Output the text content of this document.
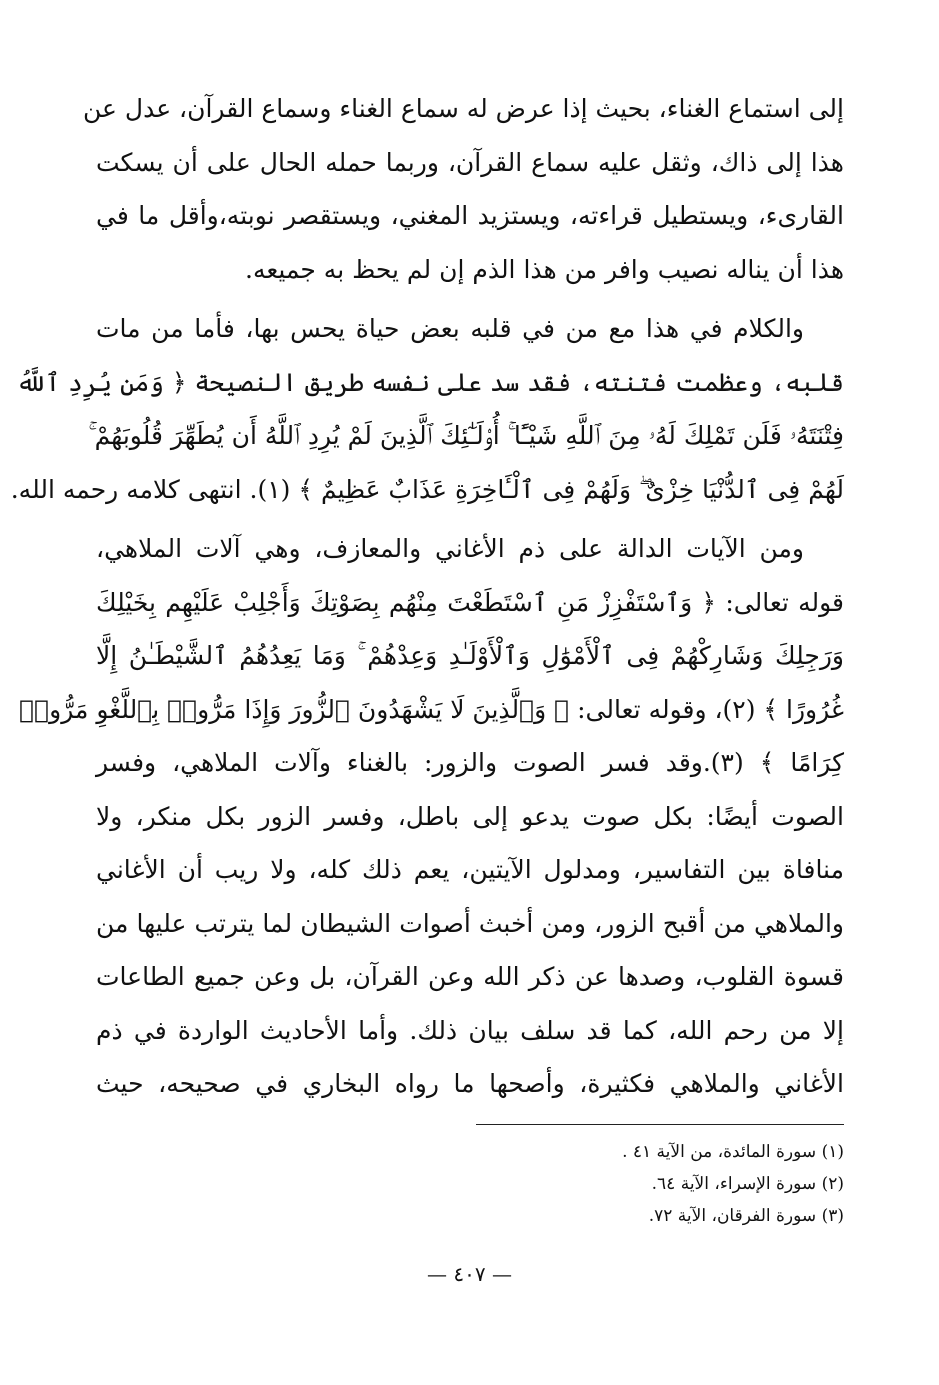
إلى استماع الغناء، بحيث إذا عرض له سماع الغناء وسماع القرآن، عدل عن
هذا إلى ذاك، وثقل عليه سماع القرآن، وربما حمله الحال على أن يسكت
القارىء، ويستطيل قراءته، ويستزيد المغني، ويستقصر نوبته،وأقل ما في
هذا أن يناله نصيب وافر من هذا الذم إن لم يحظ به جميعه.

والكلام في هذا مع من في قلبه بعض حياة يحس بها، فأما من مات
قلبه، وعظمت فتنته، فقد سد على نفسه طريق النصيحة ﴿ وَمَن يُرِدِ ٱللَّهُ
فِتْنَتَهُۥ فَلَن تَمْلِكَ لَهُۥ مِنَ ٱللَّهِ شَيْـًٔا ۚ أُو۟لَـٰٓئِكَ ٱلَّذِينَ لَمْ يُرِدِ ٱللَّهُ أَن يُطَهِّرَ قُلُوبَهُمْ ۚ
لَهُمْ فِى ٱلدُّنْيَا خِزْىٌ ۖ وَلَهُمْ فِى ٱلْـَٔاخِرَةِ عَذَابٌ عَظِيمٌ ﴾ (١). انتهى كلامه رحمه الله.

ومن الآيات الدالة على ذم الأغاني والمعازف، وهي آلات الملاهي،
قوله تعالى: ﴿ وَٱسْتَفْزِزْ مَنِ ٱسْتَطَعْتَ مِنْهُم بِصَوْتِكَ وَأَجْلِبْ عَلَيْهِم بِخَيْلِكَ
وَرَجِلِكَ وَشَارِكْهُمْ فِى ٱلْأَمْوَٰلِ وَٱلْأَوْلَـٰدِ وَعِدْهُمْ ۚ وَمَا يَعِدُهُمُ ٱلشَّيْطَـٰنُ إِلَّا
غُرُورًا ﴾ (٢)، وقوله تعالى: ﴿ وَٱلَّذِينَ لَا يَشْهَدُونَ ٱلزُّورَ وَإِذَا مَرُّوا۟ بِٱللَّغْوِ مَرُّوا۟
كِرَامًا ﴾ (٣).وقد فسر الصوت والزور: بالغناء وآلات الملاهي، وفسر
الصوت أيضًا: بكل صوت يدعو إلى باطل، وفسر الزور بكل منكر، ولا
منافاة بين التفاسير، ومدلول الآيتين، يعم ذلك كله، ولا ريب أن الأغاني
والملاهي من أقبح الزور، ومن أخبث أصوات الشيطان لما يترتب عليها من
قسوة القلوب، وصدها عن ذكر الله وعن القرآن، بل وعن جميع الطاعات
إلا من رحم الله، كما قد سلف بيان ذلك. وأما الأحاديث الواردة في ذم
الأغاني والملاهي فكثيرة، وأصحها ما رواه البخاري في صحيحه، حيث

(١) سورة المائدة، من الآية ٤١ .
(٢) سورة الإسراء، الآية ٦٤.
(٣) سورة الفرقان، الآية ٧٢.
— ٤٠٧ —
